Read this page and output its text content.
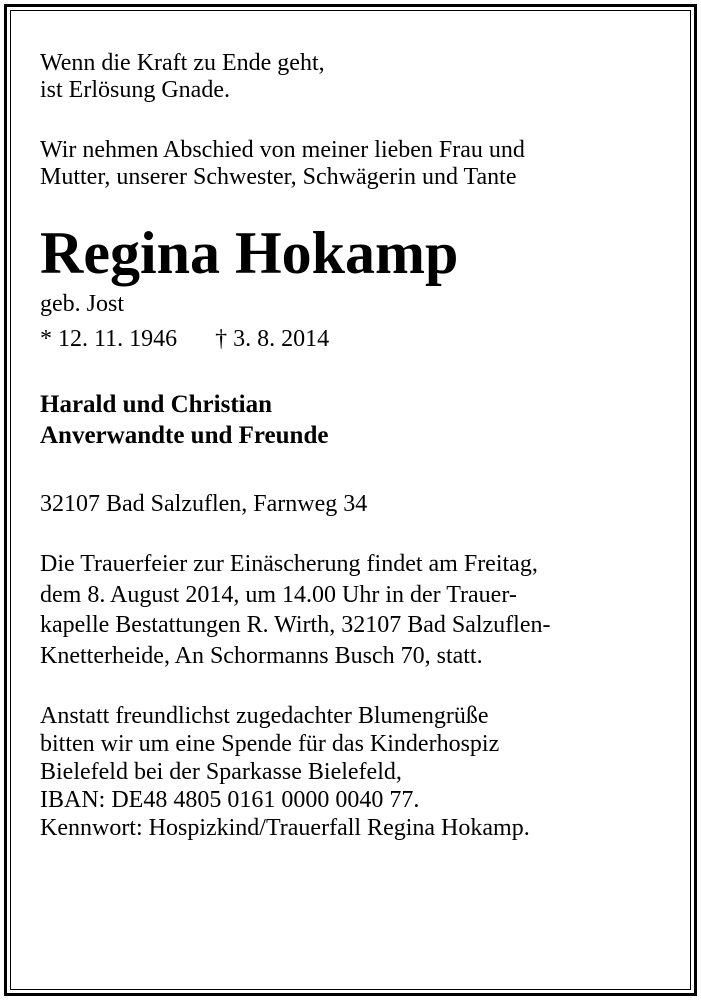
Wenn die Kraft zu Ende geht,
ist Erlösung Gnade.
Wir nehmen Abschied von meiner lieben Frau und
Mutter, unserer Schwester, Schwägerin und Tante
Regina Hokamp
geb. Jost
* 12. 11. 1946 † 3. 8. 2014
Harald und Christian
Anverwandte und Freunde
32107 Bad Salzuflen, Farnweg 34
Die Trauerfeier zur Einäscherung findet am Freitag,
dem 8. August 2014, um 14.00 Uhr in der Trauer-
kapelle Bestattungen R. Wirth, 32107 Bad Salzuflen-
Knetterheide, An Schormanns Busch 70, statt.
Anstatt freundlichst zugedachter Blumengrüße
bitten wir um eine Spende für das Kinderhospiz
Bielefeld bei der Sparkasse Bielefeld,
IBAN: DE48 4805 0161 0000 0040 77.
Kennwort: Hospizkind/Trauerfall Regina Hokamp.
